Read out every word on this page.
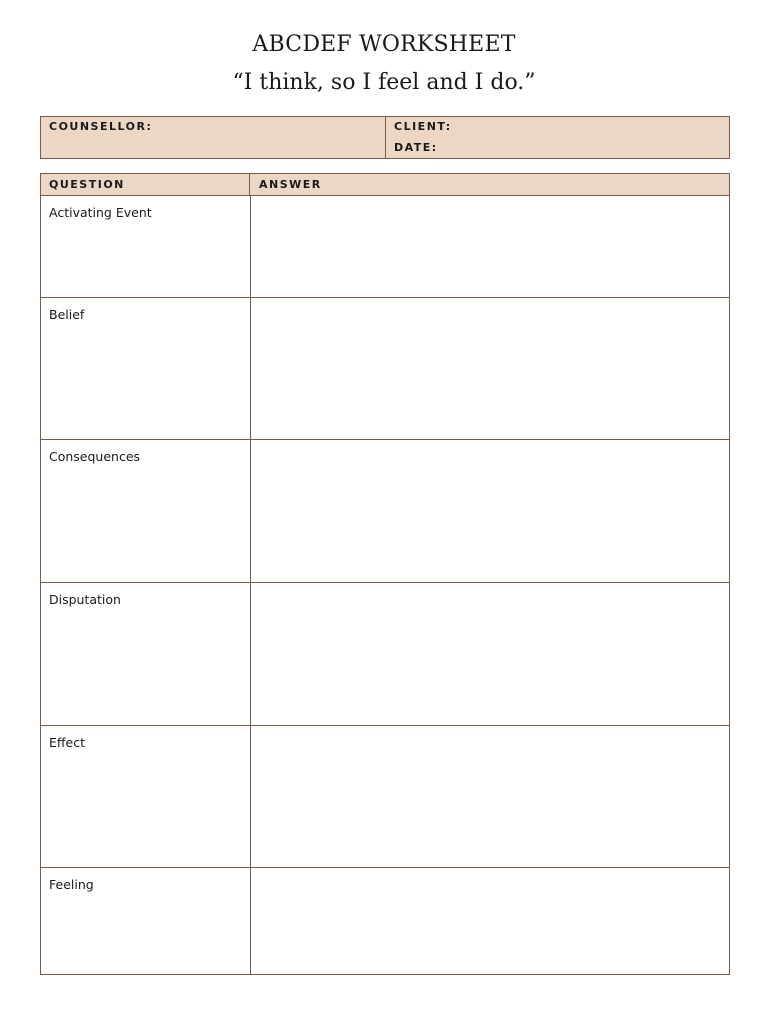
ABCDEF WORKSHEET
“I think, so I feel and I do.”
COUNSELLOR:	CLIENT:
DATE:
QUESTION	ANSWER
Activating Event
Belief
Consequences
Disputation
Effect
Feeling
